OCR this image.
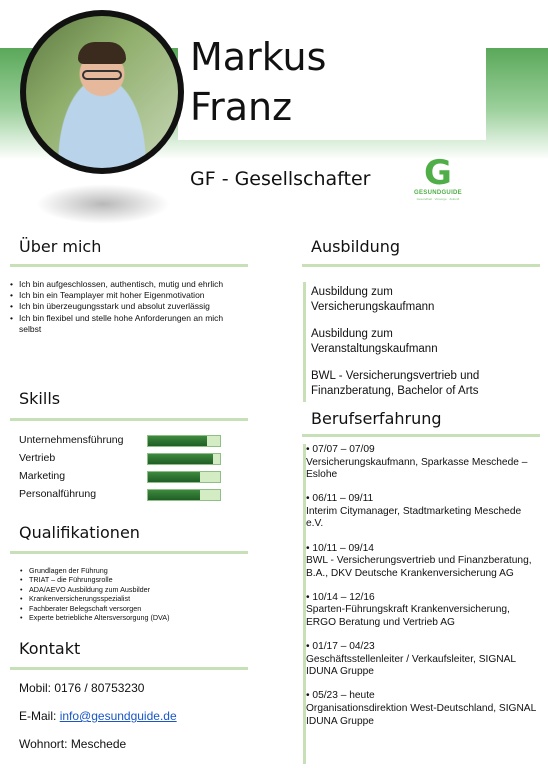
Markus
Franz
GF - Gesellschafter	G
GESUNDGUIDE
Gesundheit · Vorsorge · Zukunft
Über mich
• Ich bin aufgeschlossen, authentisch, mutig und ehrlich
• Ich bin ein Teamplayer mit hoher Eigenmotivation
• Ich bin überzeugungsstark und absolut zuverlässig
• Ich bin flexibel und stelle hohe Anforderungen an mich selbst
Skills
Unternehmensführung
Vertrieb
Marketing
Personalführung
Qualifikationen
• Grundlagen der Führung
• TRIAT – die Führungsrolle
• ADA/AEVO Ausbildung zum Ausbilder
• Krankenversicherungsspezialist
• Fachberater Belegschaft versorgen
• Experte betriebliche Altersversorgung (DVA)
Kontakt
Mobil: 0176 / 80753230
E-Mail: info@gesundguide.de
Wohnort: Meschede
Ausbildung
Ausbildung zum
Versicherungskaufmann
Ausbildung zum
Veranstaltungskaufmann
BWL - Versicherungsvertrieb und
Finanzberatung, Bachelor of Arts
Berufserfahrung
• 07/07 – 07/09
Versicherungskaufmann, Sparkasse Meschede – Eslohe
• 06/11 – 09/11
Interim Citymanager, Stadtmarketing Meschede e.V.
• 10/11 – 09/14
BWL - Versicherungsvertrieb und Finanzberatung, B.A., DKV Deutsche Krankenversicherung AG
• 10/14 – 12/16
Sparten-Führungskraft Krankenversicherung, ERGO Beratung und Vertrieb AG
• 01/17 – 04/23
Geschäftsstellenleiter / Verkaufsleiter, SIGNAL IDUNA Gruppe
• 05/23 – heute
Organisationsdirektion West-Deutschland, SIGNAL IDUNA Gruppe
